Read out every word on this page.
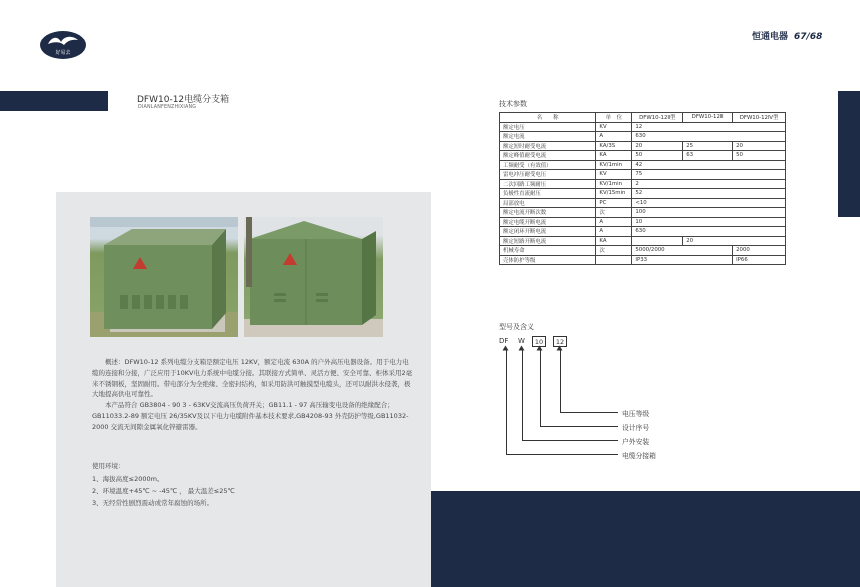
好易去
恒通电器 67/68
DFW10-12电缆分支箱
DIANLANFENZHIXIANG

概述：DFW10-12 系列电缆分支箱是额定电压 12KV，额定电流 630A 的户外高压电器设备。用于电力电缆的连接和分接，广泛应用于10KV电力系统中电缆分接。其联接方式简单、灵活方便、安全可靠、柜体采用2毫米不锈钢板，坚固耐用。带电部分为全绝缘、全密封结构，如采用防洪可触摸型电缆头，还可以耐洪水侵袭，极大地提高供电可靠性。

本产品符合 GB3804 - 90 3 - 63KV交流高压负荷开关；GB11.1 - 97 高压输变电设备的绝缘配合；GB11033.2-89 额定电压 26/35KV及以下电力电缆附件基本技术要求,GB4208-93 外壳防护等级,GB11032-2000 交流无间隙金属氧化锌避雷器。

使用环境：
1、海拔高度≤2000m。
2、环境温度+45℃ ~ -45℃ ， 最大温差≤25℃
3、无经常性剧烈震动或常年腐蚀的场所。
技术参数
名　　称	单　位	DFW10-12Ⅱ型	DFW10-12Ⅲ	DFW10-12Ⅳ型
额定电压	KV	12		
额定电流	A	630		
额定短时耐受电流	KA/3S	20	25	20
额定峰值耐受电流	KA	50	63	50
工频耐受（有效值）	KV/1min	42		
雷电冲压耐受电压	KV	75		
二次回路工频耐压	KV/1min	2		
负极性直流耐压	KV/15min	52		
局部放电	PC	<10		
额定电流开断次数	次	100		
额定电缆开断电流	A	10		
额定闭环开断电流	A	630		
额定短路开断电流	KA		20	
机械寿命	次	5000/2000		2000
壳体防护等级		IP33		IP66
型号及含义
DF W	10	12
电压等级
设计序号
户外安装
电缆分接箱
